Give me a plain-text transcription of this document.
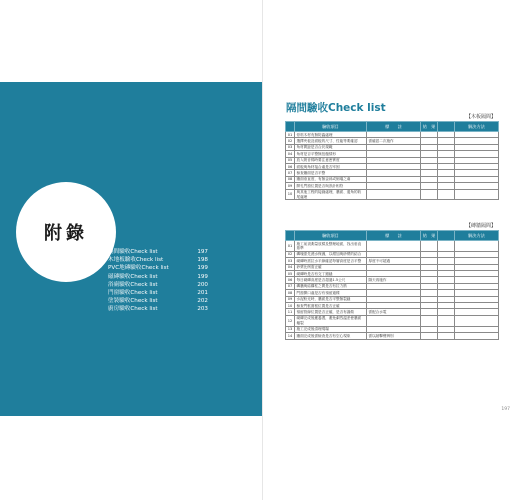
附錄
隔間驗收Check list	197
木地板驗收Check list	198
PVC地磚驗收Check list	199
磁磚驗收Check list	199
浴廁驗收Check list	200
門窗驗收Check list	201
塗裝驗收Check list	202
廚房驗收Check list	203
隔間驗收Check list
【木板隔間】
	驗收項目	標　　註	結　果		解決方法
01	骨料木材有無防蟲處理				
02	選擇夾板及面板的尺寸、性能等要確認	需確認二次施作			
03	角材間距是否合於規範				
04	角材是否平整無扭翹情形				
05	放入吸音棉時要注意密實度				
06	面板與角材接合處是否牢固				
07	檢查牆面是否平整				
08	牆面垂直度，有無歪斜或倒塌之虞				
09	開孔門窗位置是否與設計相符				
10	與其他工程的接縫處理，牆面、邊角的收尾處理				
【磚牆隔間】
	驗收項目	標　　註	結　果		解決方法
01	施工前須測量放樣及整理地面，找出垂直基準				
02	磚塊需先澆水保濕，以增加與砂漿的結合				
03	砌磚時需拉水平線確認每層高度是否平整	厚度不可超過			
04	砂漿比例需正確				
05	砌磚時是否有交丁錯縫				
06	每日砌磚高度是否超過1.5公尺	隔天再施作			
07	磚牆與結構柱之間是否有拉力筋				
08	門窗開口處是否有預留過樑				
09	水泥粉光時，牆面是否平整無裂縫				
10	檢查門框窗框位置是否正確				
11	預留管線位置是否正確，是否有漏做	需配合水電			
12	砌磚完成後應養護，避免劇烈溫差使牆面龜裂				
13	施工完成後清理現場				
14	牆面完成後需檢查是否有空心現象	需以敲擊聲辨別			
197
